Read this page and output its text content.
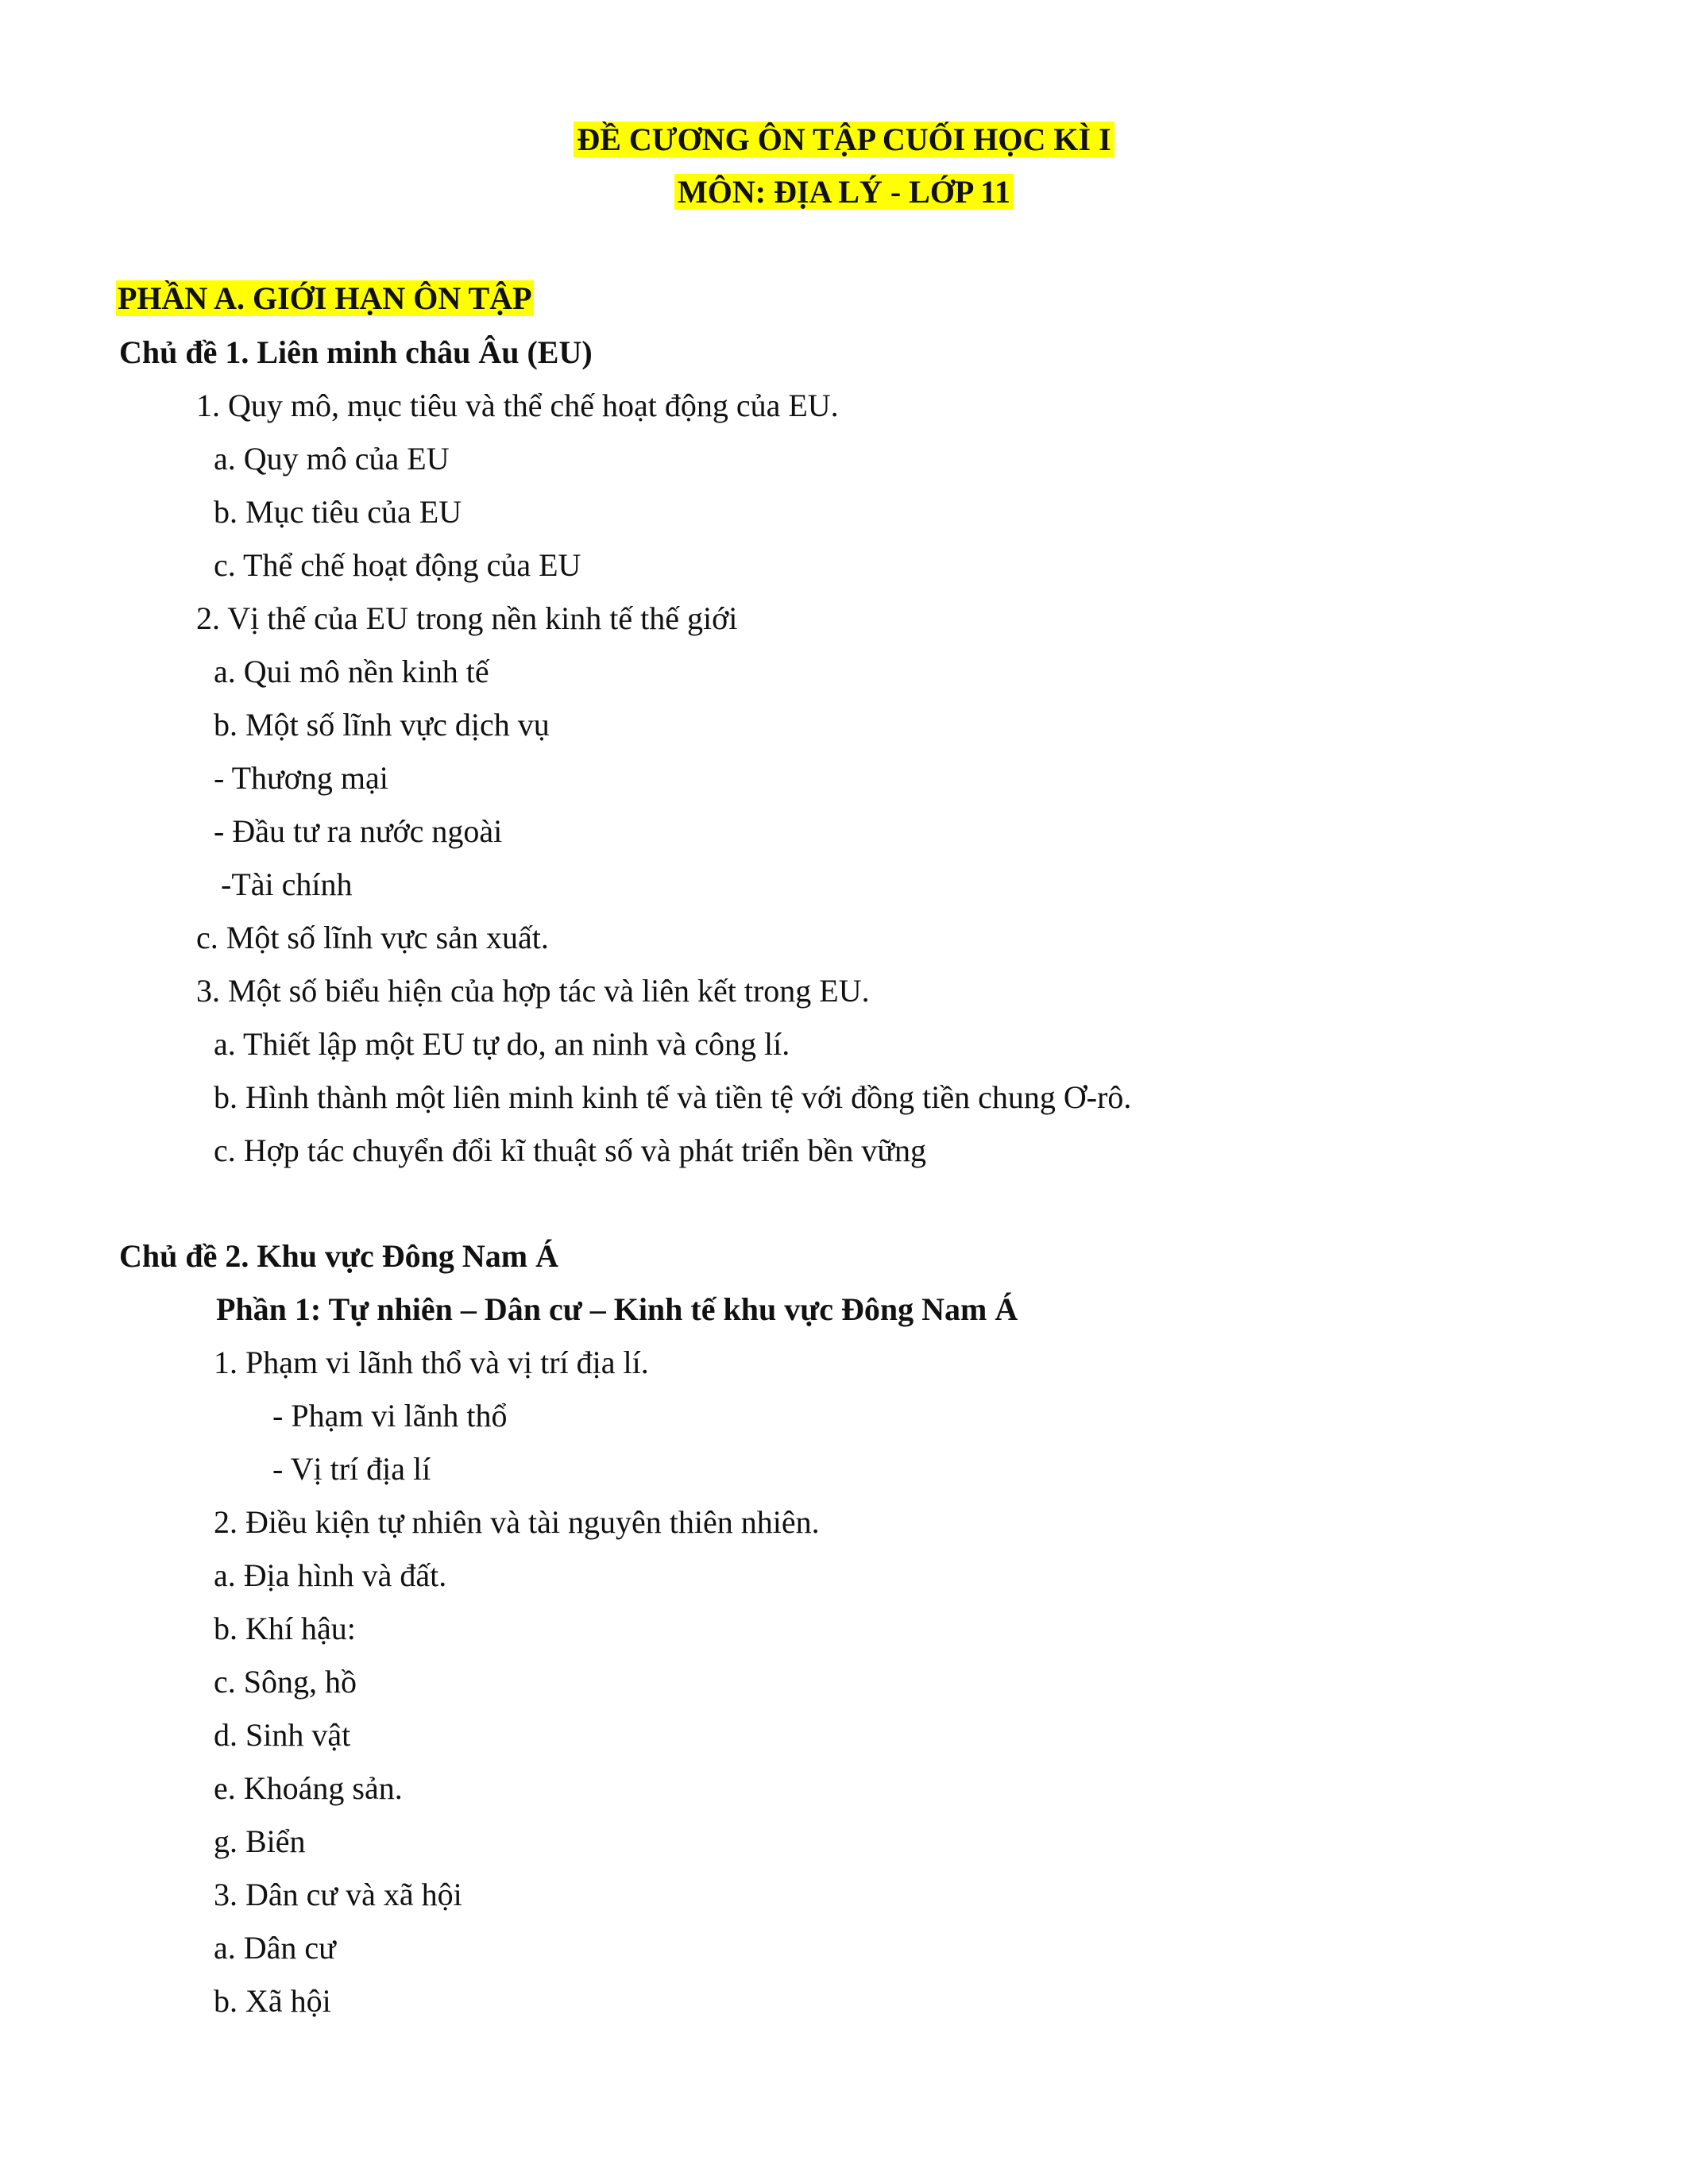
ĐỀ CƯƠNG ÔN TẬP CUỐI HỌC KÌ I
MÔN: ĐỊA LÝ - LỚP 11
PHẦN A. GIỚI HẠN ÔN TẬP
Chủ đề 1. Liên minh châu Âu (EU)
1. Quy mô, mục tiêu và thể chế hoạt động của EU.
a. Quy mô của EU
b. Mục tiêu của EU
c. Thể chế hoạt động của EU
2. Vị thế của EU trong nền kinh tế thế giới
a. Qui mô nền kinh tế
b. Một số lĩnh vực dịch vụ
- Thương mại
- Đầu tư ra nước ngoài
-Tài chính
c. Một số lĩnh vực sản xuất.
3. Một số biểu hiện của hợp tác và liên kết trong EU.
a. Thiết lập một EU tự do, an ninh và công lí.
b. Hình thành một liên minh kinh tế và tiền tệ với đồng tiền chung Ơ-rô.
c. Hợp tác chuyển đổi kĩ thuật số và phát triển bền vững
Chủ đề 2. Khu vực Đông Nam Á
Phần 1: Tự nhiên – Dân cư – Kinh tế khu vực Đông Nam Á
1. Phạm vi lãnh thổ và vị trí địa lí.
- Phạm vi lãnh thổ
- Vị trí địa lí
2. Điều kiện tự nhiên và tài nguyên thiên nhiên.
a. Địa hình và đất.
b. Khí hậu:
c. Sông, hồ
d. Sinh vật
e. Khoáng sản.
g. Biển
3. Dân cư và xã hội
a. Dân cư
b. Xã hội
